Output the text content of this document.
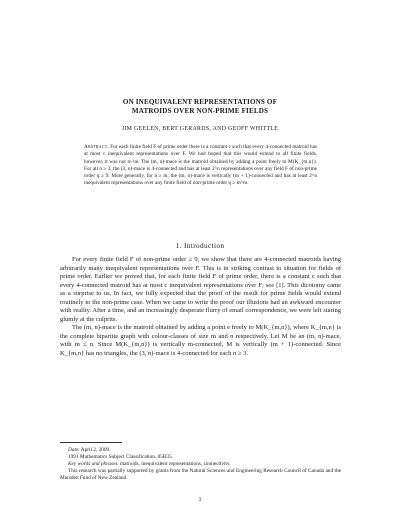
ON INEQUIVALENT REPRESENTATIONS OF
MATROIDS OVER NON-PRIME FIELDS
JIM GEELEN, BERT GERARDS, AND GEOFF WHITTLE
Abstract. For each finite field F of prime order there is a constant c such that every 4-connected matroid has at most c inequivalent representations over F. We had hoped that this would extend to all finite fields, however, it was not to be. The (m, n)-mace is the matroid obtained by adding a point freely to M(K_{m,n}). For all n ≥ 3, the (3, n)-mace is 4-connected and has at least 2^n representations over any field F of non-prime order q ≥ 9. More generally, for n ≥ m, the (m, n)-mace is vertically (m + 1)-connected and has at least 2^n inequivalent representations over any finite field of non-prime order q ≥ m^m.
1. Introduction

For every finite field F of non-prime order ≥ 9, we show that there are 4-connected matroids having arbitrarily many inequivalent representations over F. This is in striking contrast to situation for fields of prime order. Earlier we proved that, for each finite field F of prime order, there is a constant c such that every 4-connected matroid has at most c inequivalent representations over F; see [1]. This dicotomy came as a surprise to us. In fact, we fully expected that the proof of the result for prime fields would extend routinely to the non-prime case. When we came to write the proof our illusions had an awkward encounter with reality. After a time, and an increasingly desperate flurry of email correspondence, we were left staring glumly at the culprits.

The (m, n)-mace is the matroid obtained by adding a point e freely to M(K_{m,n}), where K_{m,n} is the complete bipartite graph with colour-classes of size m and n respectively. Let M be an (m, n)-mace, with m ≤ n. Since M(K_{m,n}) is vertically m-connected, M is vertically (m + 1)-connected. Since K_{m,n} has no triangles, the (3, n)-mace is 4-connected for each n ≥ 3.

Date: April 2, 2009.
1991 Mathematics Subject Classification. 05B35.
Key words and phrases. matroids, inequivalent representations, connectivity.
This research was partially supported by grants from the Natural Sciences and Engineering Research Council of Canada and the Marsden Fund of New Zealand.
1
